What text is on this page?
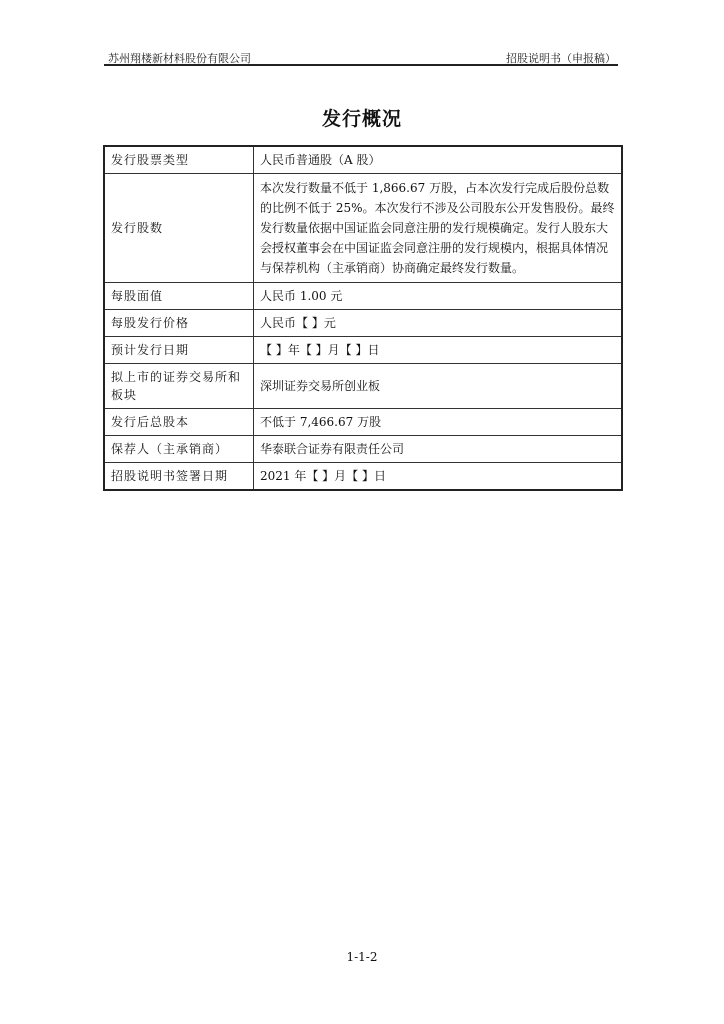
苏州翔楼新材料股份有限公司	招股说明书（申报稿）
发行概况
发行股票类型	人民币普通股（A 股）
发行股数	本次发行数量不低于 1,866.67 万股，占本次发行完成后股份总数的比例不低于 25%。本次发行不涉及公司股东公开发售股份。最终发行数量依据中国证监会同意注册的发行规模确定。发行人股东大会授权董事会在中国证监会同意注册的发行规模内，根据具体情况与保荐机构（主承销商）协商确定最终发行数量。
每股面值	人民币 1.00 元
每股发行价格	人民币【 】元
预计发行日期	【 】年【 】月【 】日
拟上市的证券交易所和板块	深圳证券交易所创业板
发行后总股本	不低于 7,466.67 万股
保荐人（主承销商）	华泰联合证券有限责任公司
招股说明书签署日期	2021 年【 】月【 】日
1-1-2
